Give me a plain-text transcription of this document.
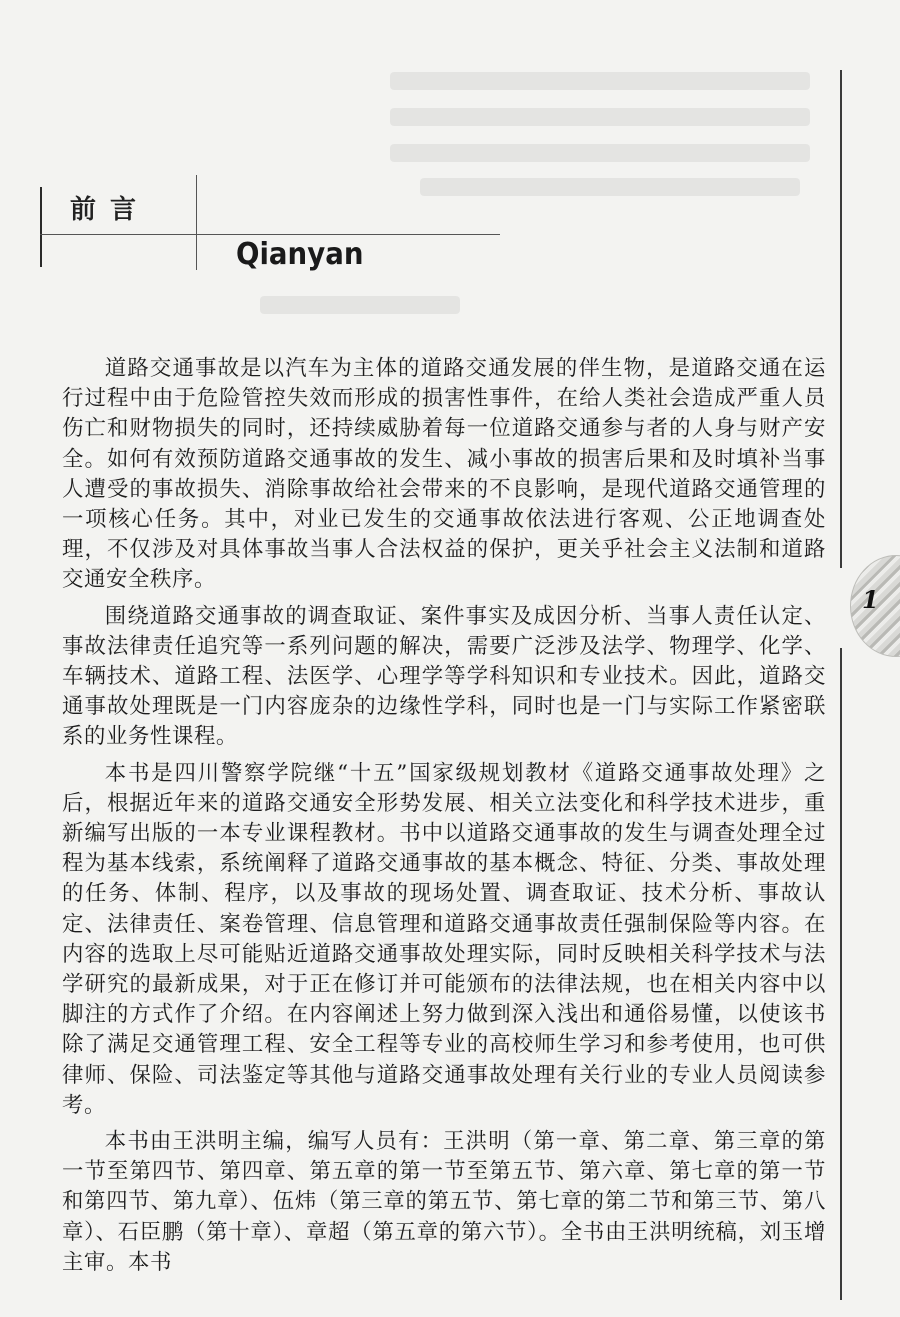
1
前言
Qianyan

道路交通事故是以汽车为主体的道路交通发展的伴生物，是道路交通在运行过程中由于危险管控失效而形成的损害性事件，在给人类社会造成严重人员伤亡和财物损失的同时，还持续威胁着每一位道路交通参与者的人身与财产安全。如何有效预防道路交通事故的发生、减小事故的损害后果和及时填补当事人遭受的事故损失、消除事故给社会带来的不良影响，是现代道路交通管理的一项核心任务。其中，对业已发生的交通事故依法进行客观、公正地调查处理，不仅涉及对具体事故当事人合法权益的保护，更关乎社会主义法制和道路交通安全秩序。

围绕道路交通事故的调查取证、案件事实及成因分析、当事人责任认定、事故法律责任追究等一系列问题的解决，需要广泛涉及法学、物理学、化学、车辆技术、道路工程、法医学、心理学等学科知识和专业技术。因此，道路交通事故处理既是一门内容庞杂的边缘性学科，同时也是一门与实际工作紧密联系的业务性课程。

本书是四川警察学院继“十五”国家级规划教材《道路交通事故处理》之后，根据近年来的道路交通安全形势发展、相关立法变化和科学技术进步，重新编写出版的一本专业课程教材。书中以道路交通事故的发生与调查处理全过程为基本线索，系统阐释了道路交通事故的基本概念、特征、分类、事故处理的任务、体制、程序，以及事故的现场处置、调查取证、技术分析、事故认定、法律责任、案卷管理、信息管理和道路交通事故责任强制保险等内容。在内容的选取上尽可能贴近道路交通事故处理实际，同时反映相关科学技术与法学研究的最新成果，对于正在修订并可能颁布的法律法规，也在相关内容中以脚注的方式作了介绍。在内容阐述上努力做到深入浅出和通俗易懂，以使该书除了满足交通管理工程、安全工程等专业的高校师生学习和参考使用，也可供律师、保险、司法鉴定等其他与道路交通事故处理有关行业的专业人员阅读参考。

本书由王洪明主编，编写人员有：王洪明（第一章、第二章、第三章的第一节至第四节、第四章、第五章的第一节至第五节、第六章、第七章的第一节和第四节、第九章）、伍炜（第三章的第五节、第七章的第二节和第三节、第八章）、石臣鹏（第十章）、章超（第五章的第六节）。全书由王洪明统稿，刘玉增主审。本书
